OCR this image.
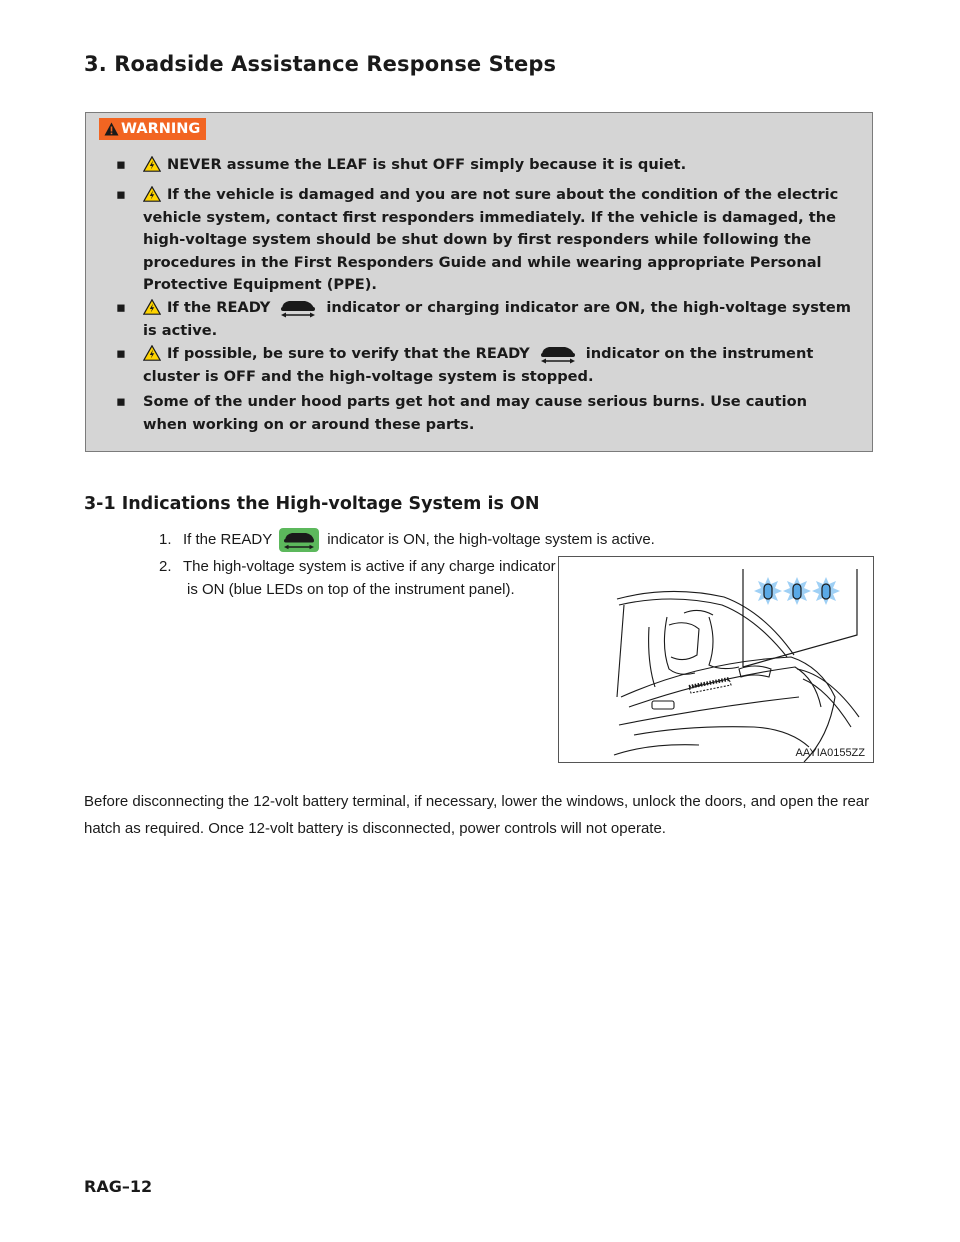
3. Roadside Assistance Response Steps
WARNING
▪	NEVER assume the LEAF is shut OFF simply because it is quiet.
▪	If the vehicle is damaged and you are not sure about the condition of the electric vehicle system, contact first responders immediately. If the vehicle is damaged, the high-voltage system should be shut down by first responders while following the procedures in the First Responders Guide and while wearing appropriate Personal Protective Equipment (PPE).
▪	If the READY	indicator or charging indicator are ON, the high-voltage system is active.
▪	If possible, be sure to verify that the READY	indicator on the instrument cluster is OFF and the high-voltage system is stopped.
▪ Some of the under hood parts get hot and may cause serious burns. Use caution when working on or around these parts.
3-1 Indications the High-voltage System is ON
1. If the READY	indicator is ON, the high-voltage system is active.
2. The high-voltage system is active if any charge indicator
is ON (blue LEDs on top of the instrument panel).
AAYIA0155ZZ
Before disconnecting the 12-volt battery terminal, if necessary, lower the windows, unlock the doors, and open the rear hatch as required. Once 12-volt battery is disconnected, power controls will not operate.
RAG–12
